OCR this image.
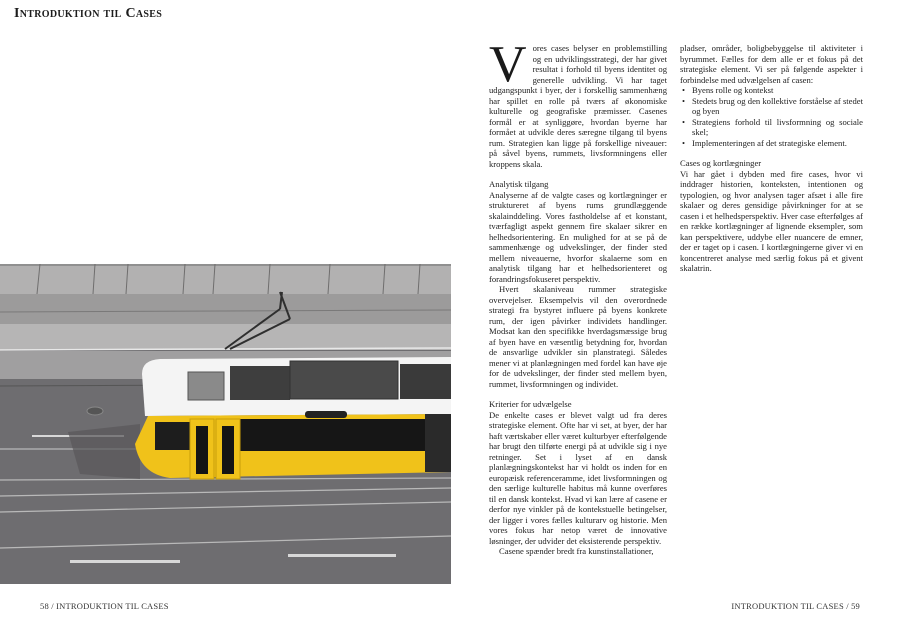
Introduktion til Cases

V ores cases belyser en problemstilling og en udviklingsstrategi, der har givet resultat i forhold til byens identitet og generelle udvikling. Vi har taget udgangspunkt i byer, der i forskellig sammenhæng har spillet en rolle på tværs af økonomiske kulturelle og geografiske præmisser. Casenes formål er at synliggøre, hvordan byerne har formået at udvikle deres særegne tilgang til byens rum. Strategien kan ligge på forskellige niveauer: på såvel byens, rummets, livsformningens eller kroppens skala.

Analytisk tilgang

Analyserne af de valgte cases og kortlægninger er struktureret af byens rums grundlæggende skalainddeling. Vores fastholdelse af et konstant, tværfagligt aspekt gennem fire skalaer sikrer en helhedsorientering. En mulighed for at se på de sammenhænge og udvekslinger, der finder sted mellem niveauerne, hvorfor skalaerne som en analytisk tilgang har et helhedsorienteret og forandringsfokuseret perspektiv.

Hvert skalaniveau rummer strategiske overvejelser. Eksempelvis vil den overordnede strategi fra bystyret influere på byens konkrete rum, der igen påvirker individets handlinger. Modsat kan den specifikke hverdagsmæssige brug af byen have en væsentlig betydning for, hvordan de ansvarlige udvikler sin planstrategi. Således mener vi at planlægningen med fordel kan have øje for de udvekslinger, der finder sted mellem byen, rummet, livsformningen og individet.

Kriterier for udvælgelse

De enkelte cases er blevet valgt ud fra deres strategiske element. Ofte har vi set, at byer, der har haft værtskaber eller været kulturbyer efterfølgende har brugt den tilførte energi på at udvikle sig i nye retninger. Set i lyset af en dansk planlægningskontekst har vi holdt os inden for en europæisk referenceramme, idet livsformningen og den særlige kulturelle habitus må kunne overføres til en dansk kontekst. Hvad vi kan lære af casene er derfor nye vinkler på de kontekstuelle betingelser, der ligger i vores fælles kulturarv og historie. Men vores fokus har netop været de innovative løsninger, der udvider det eksisterende perspektiv.

Casene spænder bredt fra kunstinstallationer,

pladser, områder, boligbebyggelse til aktiviteter i byrummet. Fælles for dem alle er et fokus på det strategiske element. Vi ser på følgende aspekter i forbindelse med udvælgelsen af casen:

• Byens rolle og kontekst
• Stedets brug og den kollektive forståelse af stedet og byen
• Strategiens forhold til livsformning og sociale skel;
• Implementeringen af det strategiske element.

Cases og kortlægninger

Vi har gået i dybden med fire cases, hvor vi inddrager historien, konteksten, intentionen og typologien, og hvor analysen tager afsæt i alle fire skalaer og deres gensidige påvirkninger for at se casen i et helhedsperspektiv. Hver case efterfølges af en række kortlægninger af lignende eksempler, som kan perspektivere, uddybe eller nuancere de emner, der er taget op i casen. I kortlægningerne giver vi en koncentreret analyse med særlig fokus på et givent skalatrin.

58 / INTRODUKTION TIL CASES	INTRODUKTION TIL CASES / 59
